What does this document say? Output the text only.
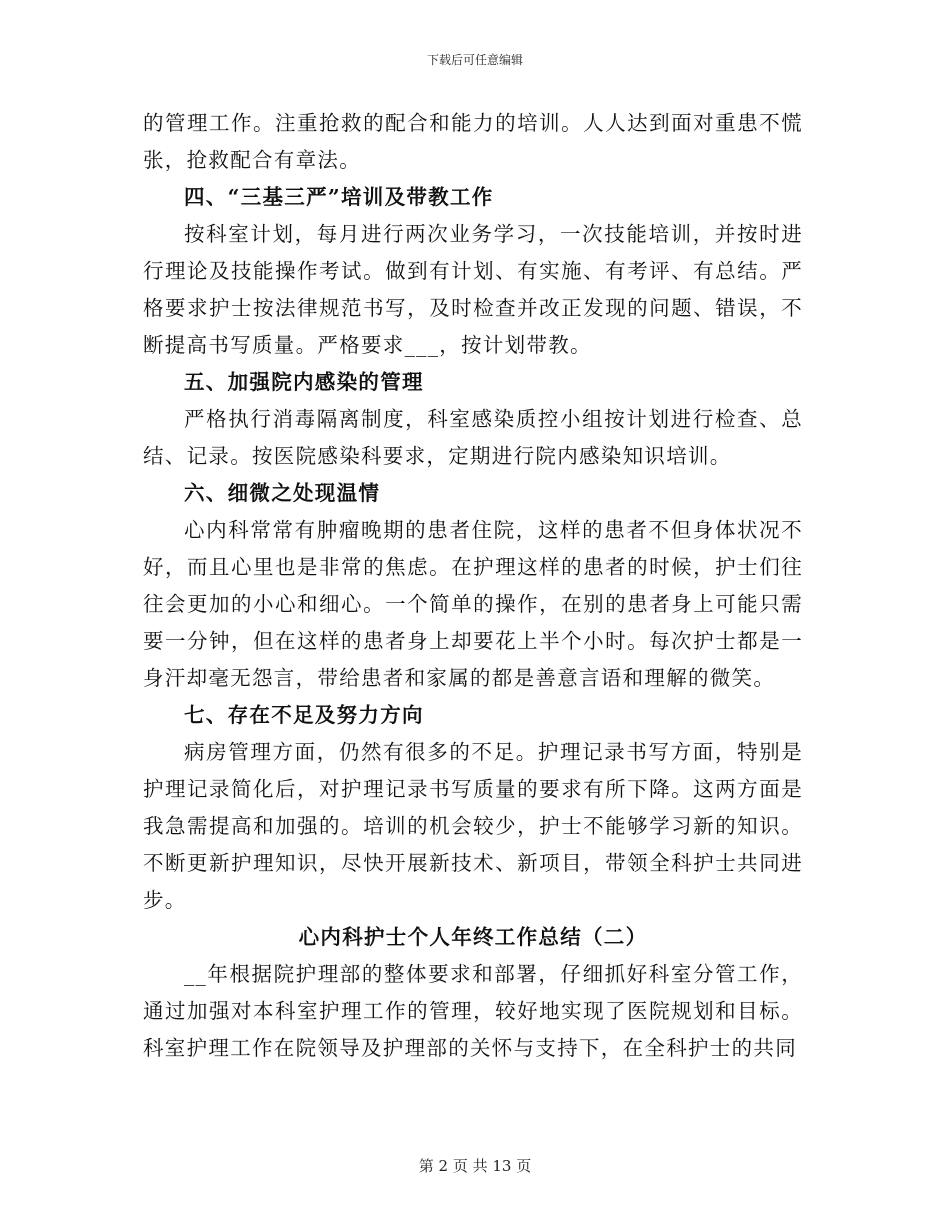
下载后可任意编辑

的管理工作。注重抢救的配合和能力的培训。人人达到面对重患不慌张，抢救配合有章法。

四、“三基三严”培训及带教工作

按科室计划，每月进行两次业务学习，一次技能培训，并按时进行理论及技能操作考试。做到有计划、有实施、有考评、有总结。严格要求护士按法律规范书写，及时检查并改正发现的问题、错误，不断提高书写质量。严格要求___，按计划带教。

五、加强院内感染的管理

严格执行消毒隔离制度，科室感染质控小组按计划进行检查、总结、记录。按医院感染科要求，定期进行院内感染知识培训。

六、细微之处现温情

心内科常常有肿瘤晚期的患者住院，这样的患者不但身体状况不好，而且心里也是非常的焦虑。在护理这样的患者的时候，护士们往往会更加的小心和细心。一个简单的操作，在别的患者身上可能只需要一分钟，但在这样的患者身上却要花上半个小时。每次护士都是一身汗却毫无怨言，带给患者和家属的都是善意言语和理解的微笑。

七、存在不足及努力方向

病房管理方面，仍然有很多的不足。护理记录书写方面，特别是护理记录简化后，对护理记录书写质量的要求有所下降。这两方面是我急需提高和加强的。培训的机会较少，护士不能够学习新的知识。不断更新护理知识，尽快开展新技术、新项目，带领全科护士共同进步。

心内科护士个人年终工作总结（二）

__年根据院护理部的整体要求和部署，仔细抓好科室分管工作，通过加强对本科室护理工作的管理，较好地实现了医院规划和目标。科室护理工作在院领导及护理部的关怀与支持下，在全科护士的共同

第 2 页 共 13 页
